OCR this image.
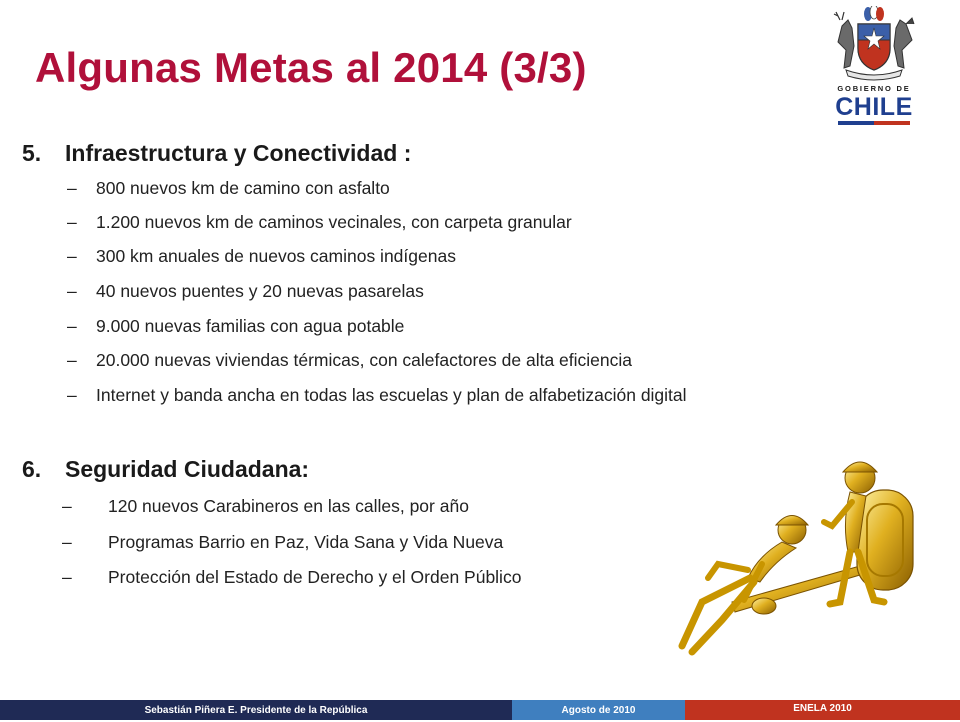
Algunas Metas al 2014 (3/3)	GOBIERNO DE
CHILE
5.	Infraestructura y Conectividad :
–	800 nuevos km de camino con asfalto
–	1.200 nuevos km de caminos vecinales, con carpeta granular
–	300 km anuales de nuevos caminos indígenas
–	40 nuevos puentes y 20 nuevas pasarelas
–	9.000 nuevas familias con agua potable
–	20.000 nuevas viviendas térmicas, con calefactores de alta eficiencia
–	Internet y banda ancha en todas las escuelas y plan de alfabetización digital
6.	Seguridad Ciudadana:
–	120 nuevos Carabineros en las calles, por año
–	Programas Barrio en Paz, Vida Sana y Vida Nueva
–	Protección del Estado de Derecho y el Orden Público
Sebastián Piñera E. Presidente de la República	Agosto de 2010	ENELA 2010
